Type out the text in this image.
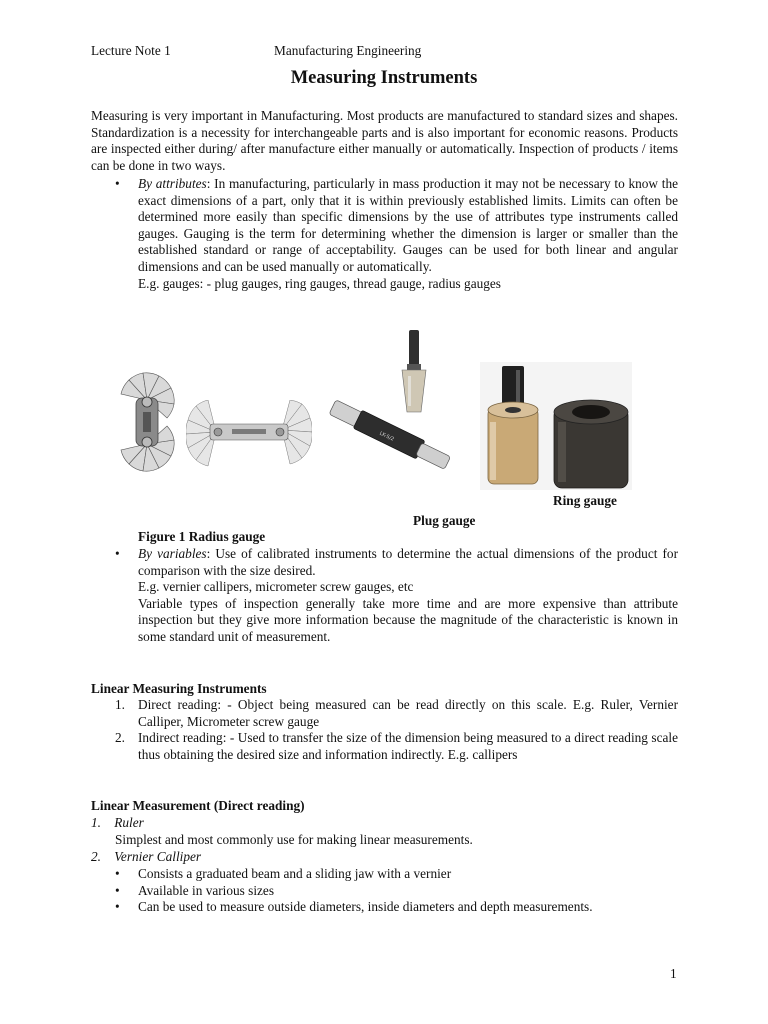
Lecture Note 1	Manufacturing Engineering
Measuring Instruments

Measuring is very important in Manufacturing. Most products are manufactured to standard sizes and shapes. Standardization is a necessity for interchangeable parts and is also important for economic reasons. Products are inspected either during/ after manufacture either manually or automatically. Inspection of products / items can be done in two ways.

•	By attributes: In manufacturing, particularly in mass production it may not be necessary to know the exact dimensions of a part, only that it is within previously established limits. Limits can often be determined more easily than specific dimensions by the use of attributes type instruments called gauges. Gauging is the term for determining whether the dimension is larger or smaller than the established standard or range of acceptability. Gauges can be used for both linear and angular dimensions and can be used manually or automatically.

E.g. gauges: - plug gauges, ring gauges, thread gauge, radius gauges

LK-S/2
Ring gauge
Plug gauge
Figure 1 Radius gauge
•	By variables: Use of calibrated instruments to determine the actual dimensions of the product for comparison with the size desired.

E.g. vernier callipers, micrometer screw gauges, etc

Variable types of inspection generally take more time and are more expensive than attribute inspection but they give more information because the magnitude of the characteristic is known in some standard unit of measurement.

Linear Measuring Instruments
1. Direct reading: - Object being measured can be read directly on this scale. E.g. Ruler, Vernier Calliper, Micrometer screw gauge

2. Indirect reading: - Used to transfer the size of the dimension being measured to a direct reading scale thus obtaining the desired size and information indirectly. E.g. callipers

Linear Measurement (Direct reading)
1. Ruler
Simplest and most commonly use for making linear measurements.
2. Vernier Calliper
•	Consists a graduated beam and a sliding jaw with a vernier

•	Available in various sizes

•	Can be used to measure outside diameters, inside diameters and depth measurements.

1
